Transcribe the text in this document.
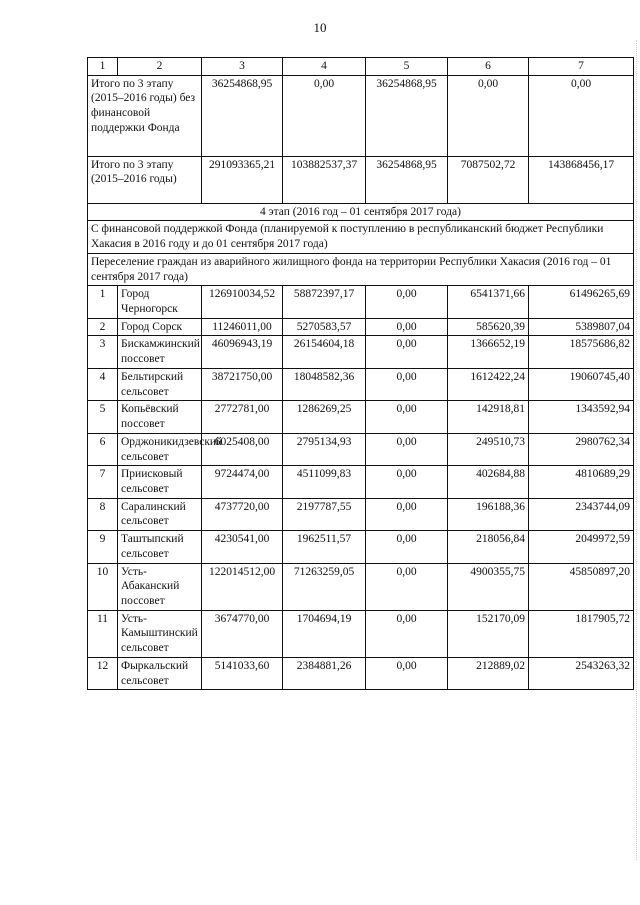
10
1	2	3	4	5	6	7
Итого по 3 этапу (2015–2016 годы) без финансовой поддержки Фонда		36254868,95	0,00	36254868,95	0,00	0,00
Итого по 3 этапу (2015–2016 годы)		291093365,21	103882537,37	36254868,95	7087502,72	143868456,17
4 этап (2016 год – 01 сентября 2017 года)						
С финансовой поддержкой Фонда (планируемой к поступлению в республиканский бюджет Республики Хакасия в 2016 году и до 01 сентября 2017 года)						
Переселение граждан из аварийного жилищного фонда на территории Республики Хакасия (2016 год – 01 сентября 2017 года)						
1	Город Черногорск	126910034,52	58872397,17	0,00	6541371,66	61496265,69
2	Город Сорск	11246011,00	5270583,57	0,00	585620,39	5389807,04
3	Бискамжинский поссовет	46096943,19	26154604,18	0,00	1366652,19	18575686,82
4	Бельтирский сельсовет	38721750,00	18048582,36	0,00	1612422,24	19060745,40
5	Копьёвский поссовет	2772781,00	1286269,25	0,00	142918,81	1343592,94
6	Орджоникидзевский сельсовет	6025408,00	2795134,93	0,00	249510,73	2980762,34
7	Приисковый сельсовет	9724474,00	4511099,83	0,00	402684,88	4810689,29
8	Саралинский сельсовет	4737720,00	2197787,55	0,00	196188,36	2343744,09
9	Таштыпский сельсовет	4230541,00	1962511,57	0,00	218056,84	2049972,59
10	Усть-Абаканский поссовет	122014512,00	71263259,05	0,00	4900355,75	45850897,20
11	Усть-Камыштинский сельсовет	3674770,00	1704694,19	0,00	152170,09	1817905,72
12	Фыркальский сельсовет	5141033,60	2384881,26	0,00	212889,02	2543263,32
